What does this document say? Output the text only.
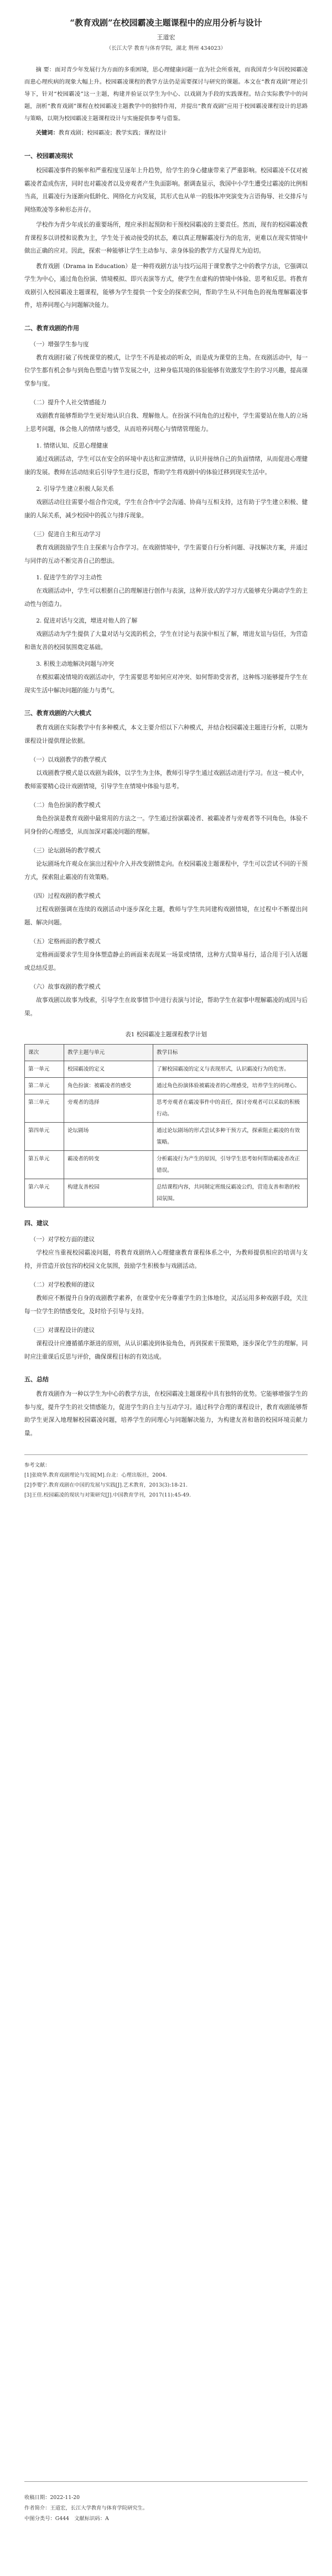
“教育戏剧”在校园霸凌主题课程中的应用分析与设计
王道宏
（长江大学 教育与体育学院，湖北 荆州 434023）
摘 要：面对青少年发展行为方面的多重困境，思心理健康问题一直为社会所重视，而我国青少年因校园霸凌而患心理疾病的现象大幅上升。校园霸凌课程的教学方法仍是需要探讨与研究的课题。本文在“教育戏剧”理论引导下，针对“校园霸凌”这一主题，构建并验证以学生为中心、以戏剧为手段的实践课程。结合实际教学中的问题，剖析“教育戏剧”课程在校园霸凌主题教学中的独特作用，并提出“教育戏剧”应用于校园霸凌课程设计的思路与策略，以期为校园霸凌主题课程设计与实施提供参考与借鉴。
关键词：教育戏剧；校园霸凌；教学实践；课程设计
一、校园霸凌现状

校园霸凌事件的频率和严重程度呈逐年上升趋势，给学生的身心健康带来了严重影响。校园霸凌不仅对被霸凌者造成伤害，同时也对霸凌者以及旁观者产生负面影响。据调查显示，我国中小学生遭受过霸凌的比例相当高，且霸凌行为逐渐向低龄化、网络化方向发展，其形式也从单一的肢体冲突演变为言语侮辱、社交排斥与网络欺凌等多种形态并存。

学校作为青少年成长的重要场所，理应承担起预防和干预校园霸凌的主要责任。然而，现有的校园霸凌教育课程多以讲授和说教为主，学生处于被动接受的状态，难以真正理解霸凌行为的危害，更难以在现实情境中做出正确的应对。因此，探索一种能够让学生主动参与、亲身体验的教学方式显得尤为迫切。

教育戏剧（Drama in Education）是一种将戏剧方法与技巧运用于课堂教学之中的教学方法，它强调以学生为中心，通过角色扮演、情境模拟、即兴表演等方式，使学生在虚构的情境中体验、思考和反思。将教育戏剧引入校园霸凌主题课程，能够为学生提供一个安全的探索空间，帮助学生从不同角色的视角理解霸凌事件，培养同理心与问题解决能力。

二、教育戏剧的作用
（一）增强学生参与度

教育戏剧打破了传统课堂的模式，让学生不再是被动的听众，而是成为课堂的主角。在戏剧活动中，每一位学生都有机会参与到角色塑造与情节发展之中，这种身临其境的体验能够有效激发学生的学习兴趣，提高课堂参与度。

（二）提升个人社交情感能力

戏剧教育能够帮助学生更好地认识自我、理解他人。在扮演不同角色的过程中，学生需要站在他人的立场上思考问题，体会他人的情绪与感受，从而培养同理心与情绪管理能力。

1. 情绪认知、反思心理健康

通过戏剧活动，学生可以在安全的环境中表达和宣泄情绪，认识并接纳自己的负面情绪，从而促进心理健康的发展。教师在活动结束后引导学生进行反思，帮助学生将戏剧中的体验迁移到现实生活中。

2. 引导学生建立积极人际关系

戏剧活动往往需要小组合作完成，学生在合作中学会沟通、协商与互相支持，这有助于学生建立积极、健康的人际关系，减少校园中的孤立与排斥现象。

（三）促进自主和互动学习

教育戏剧鼓励学生自主探索与合作学习。在戏剧情境中，学生需要自行分析问题、寻找解决方案，并通过与同伴的互动不断完善自己的想法。

1. 促进学生的学习主动性

在戏剧活动中，学生可以根据自己的理解进行创作与表演，这种开放式的学习方式能够充分调动学生的主动性与创造力。

2. 促进对话与交流，增进对他人的了解

戏剧活动为学生提供了大量对话与交流的机会，学生在讨论与表演中相互了解，增进友谊与信任，为营造和谐友善的校园氛围奠定基础。

3. 积极主动地解决问题与冲突

在模拟霸凌情境的戏剧活动中，学生需要思考如何应对冲突、如何帮助受害者，这种练习能够提升学生在现实生活中解决问题的能力与勇气。

三、教育戏剧的六大模式

教育戏剧在实际教学中有多种模式，本文主要介绍以下六种模式，并结合校园霸凌主题进行分析，以期为课程设计提供理论依据。

（一）以戏剧教学的教学模式

以戏剧教学模式是以戏剧为载体，以学生为主体，教师引导学生通过戏剧活动进行学习。在这一模式中，教师需要精心设计戏剧情境，引导学生在情境中体验与思考。

（二）角色扮演的教学模式

角色扮演是教育戏剧中最常用的方法之一。学生通过扮演霸凌者、被霸凌者与旁观者等不同角色，体验不同身份的心理感受，从而加深对霸凌问题的理解。

（三）论坛剧场的教学模式

论坛剧场允许观众在演出过程中介入并改变剧情走向。在校园霸凌主题课程中，学生可以尝试不同的干预方式，探索阻止霸凌的有效策略。

（四）过程戏剧的教学模式

过程戏剧强调在连续的戏剧活动中逐步深化主题，教师与学生共同建构戏剧情境，在过程中不断提出问题、解决问题。

（五）定格画面的教学模式

定格画面要求学生用身体塑造静止的画面来表现某一场景或情绪，这种方式简单易行，适合用于引入话题或总结反思。

（六）故事戏剧的教学模式

故事戏剧以故事为线索，引导学生在故事情节中进行表演与讨论，帮助学生在叙事中理解霸凌的成因与后果。

表1 校园霸凌主题课程教学计划
课次	教学主题与单元	教学目标
第一单元	校园霸凌的定义	了解校园霸凌的定义与表现形式，认识霸凌行为的危害。
第二单元	角色扮演：被霸凌者的感受	通过角色扮演体验被霸凌者的心理感受，培养学生的同理心。
第三单元	旁观者的选择	思考旁观者在霸凌事件中的责任，探讨旁观者可以采取的积极行动。
第四单元	论坛剧场	通过论坛剧场的形式尝试多种干预方式，探索阻止霸凌的有效策略。
第五单元	霸凌者的转变	分析霸凌行为产生的原因，引导学生思考如何帮助霸凌者改正错误。
第六单元	构建友善校园	总结课程内容，共同制定班级反霸凌公约，营造友善和谐的校园氛围。
四、建议
（一）对学校方面的建议

学校应当重视校园霸凌问题，将教育戏剧纳入心理健康教育课程体系之中，为教师提供相应的培训与支持，并营造开放包容的校园文化氛围，鼓励学生积极参与戏剧活动。

（二）对学校教师的建议

教师应不断提升自身的戏剧教学素养，在课堂中充分尊重学生的主体地位，灵活运用多种戏剧手段，关注每一位学生的情感变化，及时给予引导与支持。

（三）对课程设计的建议

课程设计应遵循循序渐进的原则，从认识霸凌到体验角色，再到探索干预策略，逐步深化学生的理解。同时应注重课后反思与评价，确保课程目标的有效达成。

五、总结

教育戏剧作为一种以学生为中心的教学方法，在校园霸凌主题课程中具有独特的优势。它能够增强学生的参与度，提升学生的社交情感能力，促进学生的自主与互动学习。通过科学合理的课程设计，教育戏剧能够帮助学生更深入地理解校园霸凌问题，培养学生的同理心与问题解决能力，为构建友善和谐的校园环境贡献力量。

参考文献：
[1]张晓华.教育戏剧理论与发展[M].台北：心理出版社，2004.
[2]李婴宁.教育戏剧在中国的发展与实践[J].艺术教育，2013(3):18-21.
[3]王佳.校园霸凌的现状与对策研究[J].中国教育学刊，2017(11):45-49.
收稿日期：2022-11-20
作者简介：王道宏，长江大学教育与体育学院研究生。
中图分类号：G444　文献标识码：A
